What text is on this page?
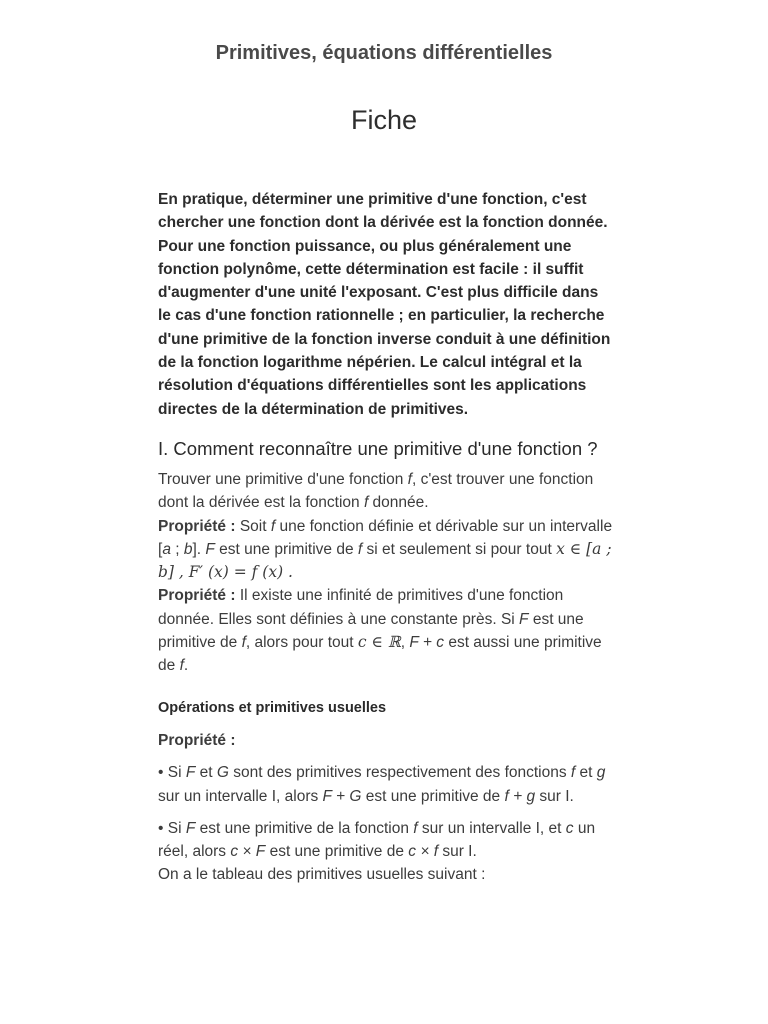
Primitives, équations différentielles
Fiche

En pratique, déterminer une primitive d'une fonction, c'est chercher une fonction dont la dérivée est la fonction donnée. Pour une fonction puissance, ou plus généralement une fonction polynôme, cette détermination est facile : il suffit d'augmenter d'une unité l'exposant. C'est plus difficile dans le cas d'une fonction rationnelle ; en particulier, la recherche d'une primitive de la fonction inverse conduit à une définition de la fonction logarithme népérien. Le calcul intégral et la résolution d'équations différentielles sont les applications directes de la détermination de primitives.

I. Comment reconnaître une primitive d'une fonction ?

Trouver une primitive d'une fonction f, c'est trouver une fonction dont la dérivée est la fonction f donnée.

Propriété : Soit f une fonction définie et dérivable sur un intervalle [a ; b]. F est une primitive de f si et seulement si pour tout x ∈ [a ; b] , F′ (x) = f (x) .

Propriété : Il existe une infinité de primitives d'une fonction donnée. Elles sont définies à une constante près. Si F est une primitive de f, alors pour tout c ∈ ℝ, F + c est aussi une primitive de f.

Opérations et primitives usuelles

Propriété :

• Si F et G sont des primitives respectivement des fonctions f et g sur un intervalle I, alors F + G est une primitive de f + g sur I.

• Si F est une primitive de la fonction f sur un intervalle I, et c un réel, alors c × F est une primitive de c × f sur I.

On a le tableau des primitives usuelles suivant :
